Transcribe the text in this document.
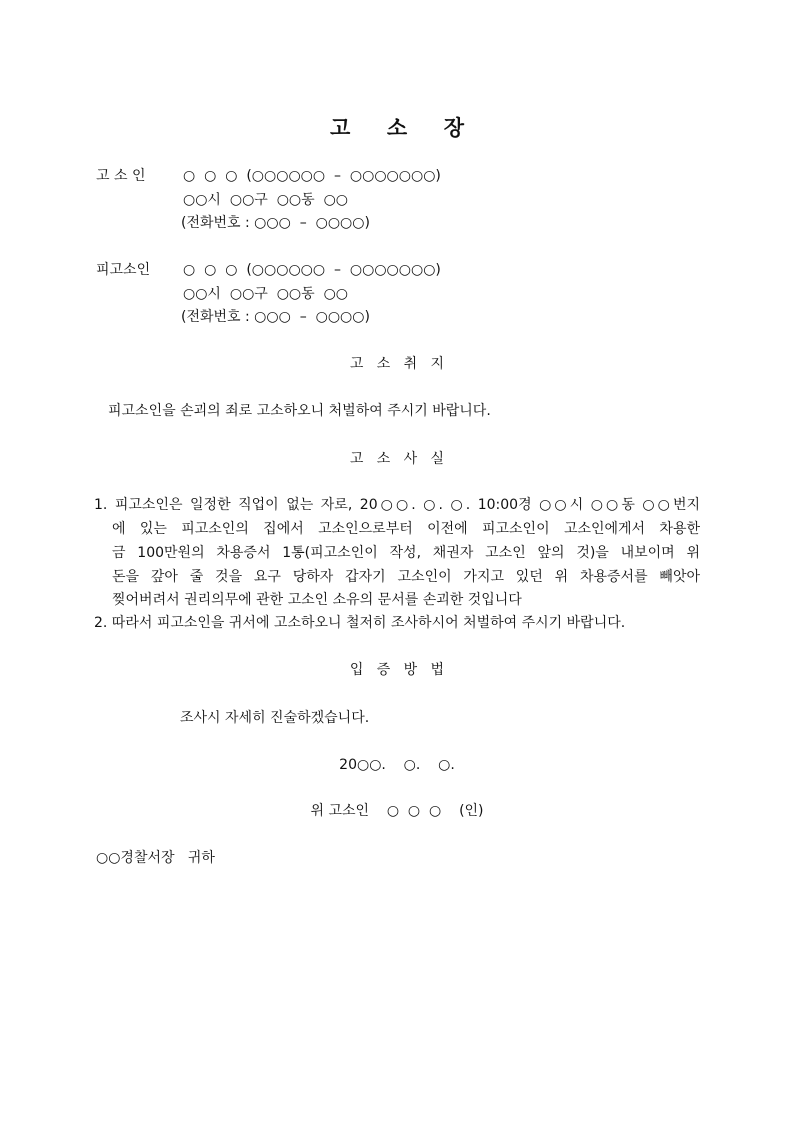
고     소     장
고 소 인	○  ○  ○  (○○○○○○  –  ○○○○○○○)
○○시  ○○구  ○○동  ○○
(전화번호 : ○○○  –  ○○○○)
피고소인 ○  ○  ○  (○○○○○○  –  ○○○○○○○)
○○시  ○○구  ○○동  ○○
(전화번호 : ○○○  –  ○○○○)
고   소   취   지
피고소인을 손괴의 죄로 고소하오니 처벌하여 주시기 바랍니다.
고   소   사   실
1. 피고소인은 일정한 직업이 없는 자로, 20○○. ○. ○. 10:00경 ○○시 ○○동 ○○번지
에 있는 피고소인의 집에서 고소인으로부터 이전에 피고소인이 고소인에게서 차용한
금 100만원의 차용증서 1통(피고소인이 작성, 채권자 고소인 앞의 것)을 내보이며 위
돈을 갚아 줄 것을 요구 당하자 갑자기 고소인이 가지고 있던 위 차용증서를 빼앗아
찢어버려서 권리의무에 관한 고소인 소유의 문서를 손괴한 것입니다
2. 따라서 피고소인을 귀서에 고소하오니 철저히 조사하시어 처벌하여 주시기 바랍니다.
입   증   방   법
조사시 자세히 진술하겠습니다.
20○○.    ○.    ○.
위 고소인    ○  ○  ○    (인)
○○경찰서장   귀하
